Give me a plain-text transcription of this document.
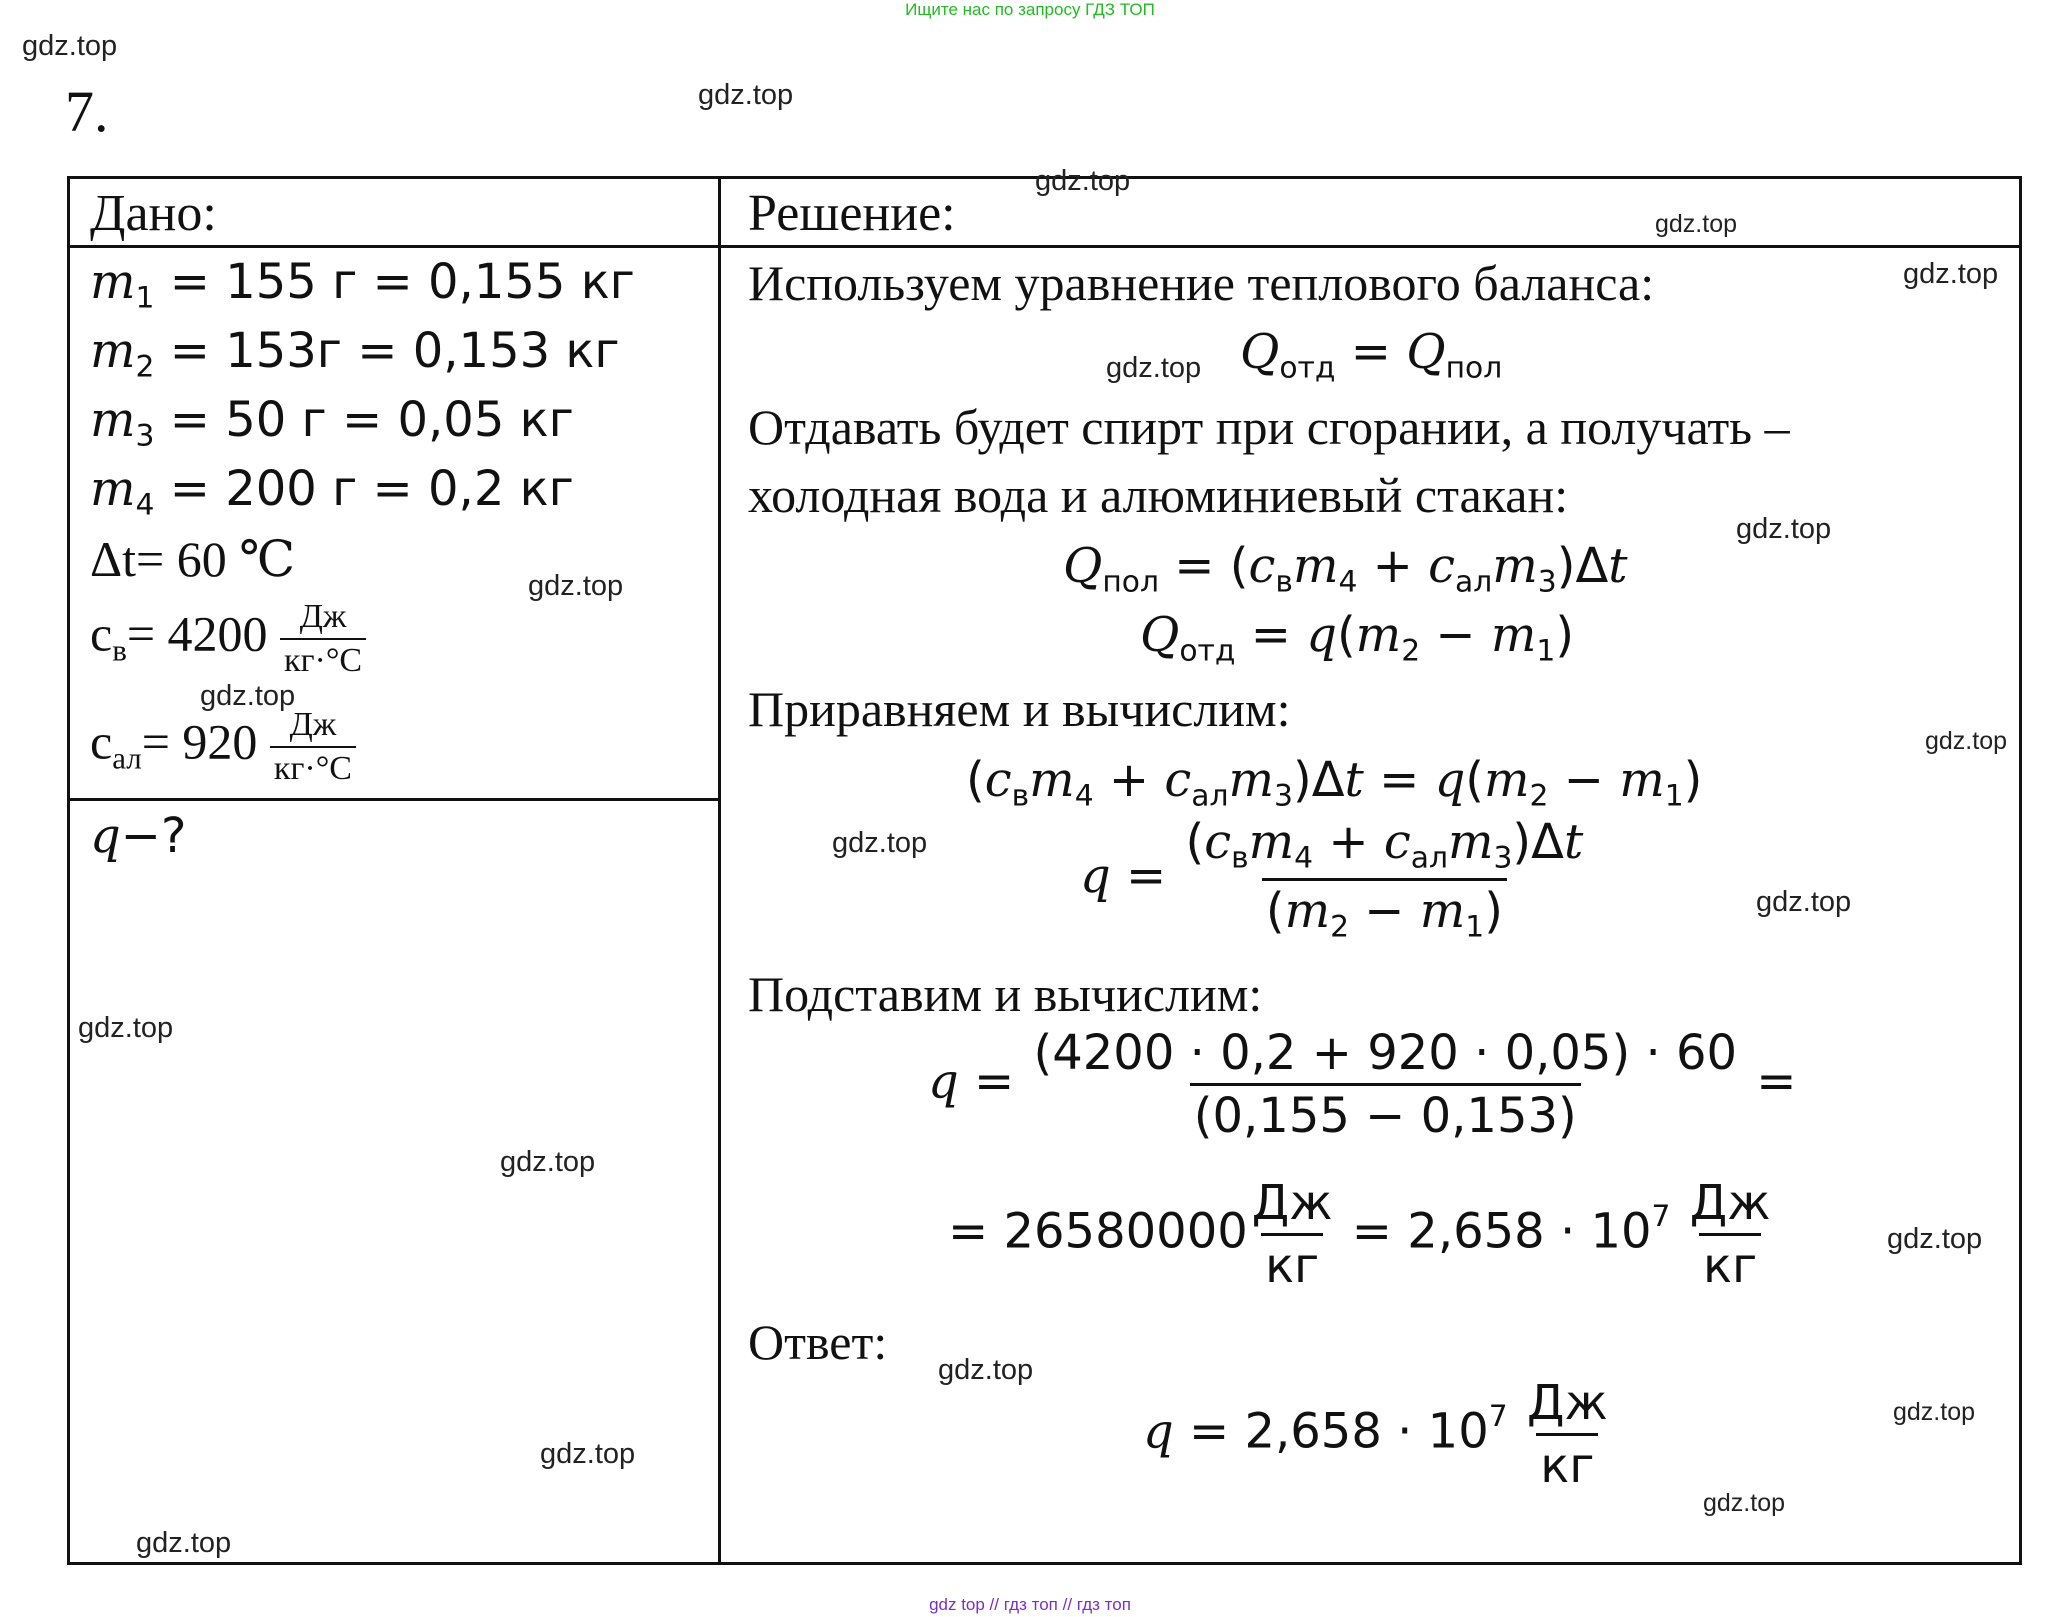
Ищите нас по запросу ГДЗ ТОП
7.
Дано:	Решение:
$m_1 = 155$ г = 0,155 кг
$m_2 = 153г = 0,153$ кг
$m_3 = 50$ г = 0,05 кг
$m_4 = 200$ г = 0,2 кг
Δt= 60 ℃
$c_в= 4200 \frac{Дж}{кг\cdot^\circ С}$
$c_{ал}= 920 \frac{Дж}{кг\cdot^\circ С}$
q−?
Используем уравнение теплового баланса:
$Q_{отд} = Q_{пол}$
Отдавать будет спирт при сгорании, а получать –
холодная вода и алюминиевый стакан:
$Q_{пол} = (c_вm_4 + c_{ал}m_3)\Delta t$
$Q_{отд} = q(m_2 - m_1)$
Приравняем и вычислим:
$(c_вm_4 + c_{ал}m_3)\Delta t = q(m_2 - m_1)$
$q = \frac{(c_вm_4 + c_{ал}m_3)\Delta t}{(m_2 - m_1)}$
Подставим и вычислим:
$q = \frac{(4200 \cdot 0,2 + 920 \cdot 0,05) \cdot 60}{(0,155 - 0,153)}$ =
= $26580000 \frac{Дж}{кг} = 2,658 \cdot 10^7 \frac{Дж}{кг}$
Ответ:
$q = 2,658 \cdot 10^7 \frac{Дж}{кг}$
gdz.top
gdz.top
gdz.top
gdz.top
gdz.top
gdz.top
gdz.top
gdz.top
gdz.top
gdz.top
gdz.top
gdz.top
gdz.top
gdz.top
gdz.top
gdz.top
gdz.top
gdz.top
gdz.top
gdz.top
gdz top // гдз топ // гдз топ
